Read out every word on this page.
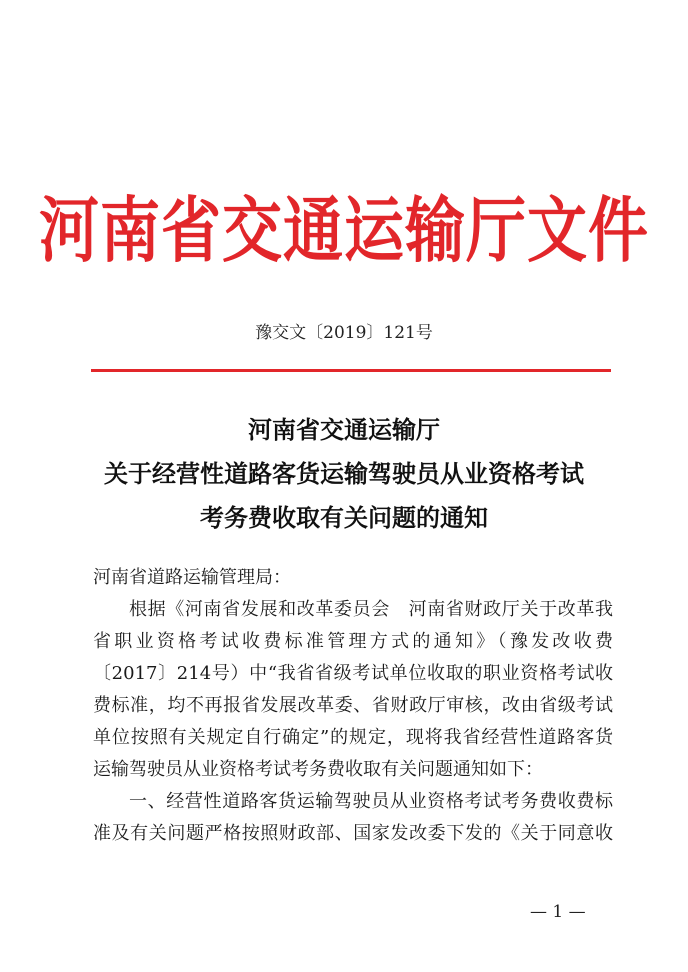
河南省交通运输厅文件
豫交文〔2019〕121号
河南省交通运输厅
关于经营性道路客货运输驾驶员从业资格考试
考务费收取有关问题的通知
河南省道路运输管理局：
根据《河南省发展和改革委员会　河南省财政厅关于改革我
省职业资格考试收费标准管理方式的通知》（豫发改收费
〔2017〕214号）中“我省省级考试单位收取的职业资格考试收
费标准，均不再报省发展改革委、省财政厅审核，改由省级考试
单位按照有关规定自行确定”的规定，现将我省经营性道路客货
运输驾驶员从业资格考试考务费收取有关问题通知如下：
一、经营性道路客货运输驾驶员从业资格考试考务费收费标
准及有关问题严格按照财政部、国家发改委下发的《关于同意收
— 1 —
